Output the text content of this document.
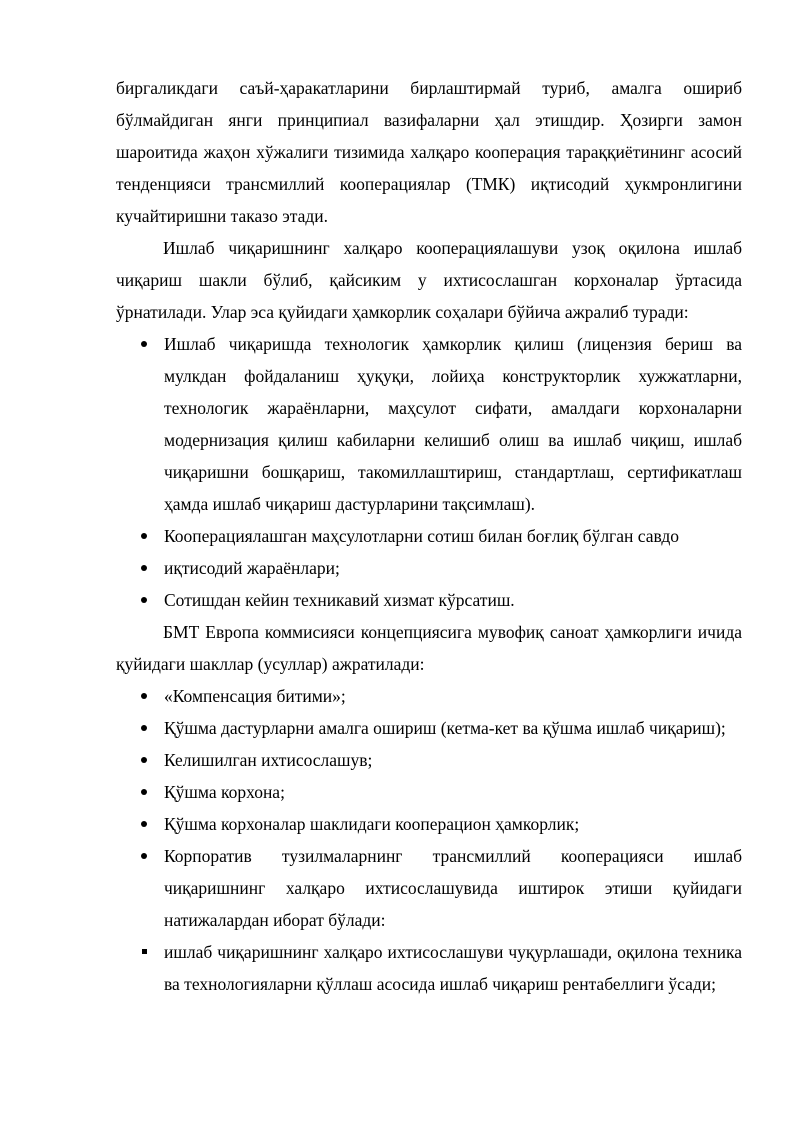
биргаликдаги саъй-ҳаракатларини бирлаштирмай туриб, амалга ошириб бўлмайдиган янги принципиал вазифаларни ҳал этишдир. Ҳозирги замон шароитида жаҳон хўжалиги тизимида халқаро кооперация тараққиётининг асосий тенденцияси трансмиллий кооперациялар (ТМК) иқтисодий ҳукмронлигини кучайтиришни таказо этади.

Ишлаб чиқаришнинг халқаро кооперациялашуви узоқ оқилона ишлаб чиқариш шакли бўлиб, қайсиким у ихтисослашган корхоналар ўртасида ўрнатилади. Улар эса қуйидаги ҳамкорлик соҳалари бўйича ажралиб туради:

Ишлаб чиқаришда технологик ҳамкорлик қилиш (лицензия бериш ва мулкдан фойдаланиш ҳуқуқи, лойиҳа конструкторлик хужжатларни, технологик жараёнларни, маҳсулот сифати, амалдаги корхоналарни модернизация қилиш кабиларни келишиб олиш ва ишлаб чиқиш, ишлаб чиқаришни бошқариш, такомиллаштириш, стандартлаш, сертификатлаш ҳамда ишлаб чиқариш дастурларини тақсимлаш).
Кооперациялашган маҳсулотларни сотиш билан боғлиқ бўлган савдо
иқтисодий жараёнлари;
Сотишдан кейин техникавий хизмат кўрсатиш.

БМТ Европа коммисияси концепциясига мувофиқ саноат ҳамкорлиги ичида қуйидаги шакллар (усуллар) ажратилади:

«Компенсация битими»;
Қўшма дастурларни амалга ошириш (кетма-кет ва қўшма ишлаб чиқариш);
Келишилган ихтисослашув;
Қўшма корхона;
Қўшма корхоналар шаклидаги кооперацион ҳамкорлик;
Корпоратив тузилмаларнинг трансмиллий кооперацияси ишлаб чиқаришнинг халқаро ихтисослашувида иштирок этиши қуйидаги натижалардан иборат бўлади:
ишлаб чиқаришнинг халқаро ихтисослашуви чуқурлашади, оқилона техника ва технологияларни қўллаш асосида ишлаб чиқариш рентабеллиги ўсади;
